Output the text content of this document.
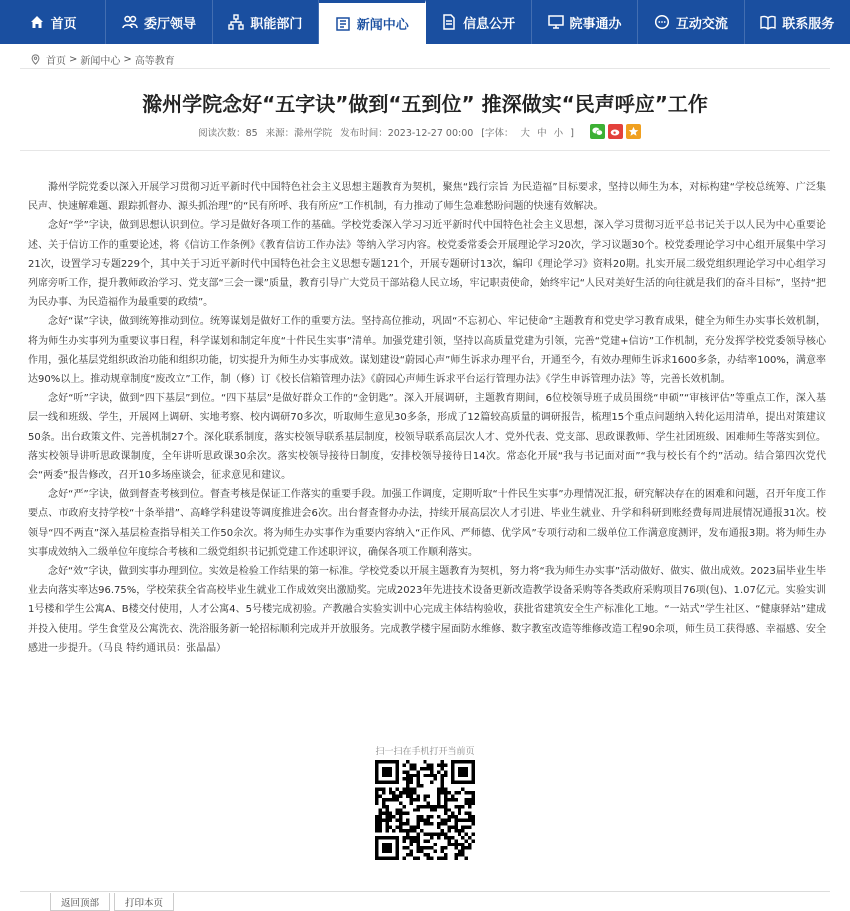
首页	委厅领导	职能部门	新闻中心	信息公开	院事通办	互动交流	联系服务
首页 > 新闻中心 > 高等教育
滁州学院念好“五字诀”做到“五到位” 推深做实“民声呼应”工作
阅读次数：85 来源：滁州学院 发布时间：2023-12-27 00:00 [字体： 大 中 小 ]

滁州学院党委以深入开展学习贯彻习近平新时代中国特色社会主义思想主题教育为契机，聚焦“践行宗旨 为民造福”目标要求，坚持以师生为本，对标构建“学校总统筹、广泛集民声、快速解难题、跟踪抓督办、源头抓治理”的“民有所呼、我有所应”工作机制，有力推动了师生急难愁盼问题的快速有效解决。

念好“学”字诀，做到思想认识到位。学习是做好各项工作的基础。学校党委深入学习习近平新时代中国特色社会主义思想，深入学习贯彻习近平总书记关于以人民为中心重要论述、关于信访工作的重要论述，将《信访工作条例》《教育信访工作办法》等纳入学习内容。校党委常委会开展理论学习20次，学习议题30个。校党委理论学习中心组开展集中学习21次，设置学习专题229个，其中关于习近平新时代中国特色社会主义思想专题121个，开展专题研讨13次，编印《理论学习》资料20期。扎实开展二级党组织理论学习中心组学习列席旁听工作，提升教师政治学习、党支部“三会一课”质量，教育引导广大党员干部站稳人民立场，牢记职责使命，始终牢记“人民对美好生活的向往就是我们的奋斗目标”，坚持“把为民办事、为民造福作为最重要的政绩”。

念好“谋”字诀，做到统筹推动到位。统筹谋划是做好工作的重要方法。坚持高位推动，巩固“不忘初心、牢记使命”主题教育和党史学习教育成果，健全为师生办实事长效机制，将为师生办实事列为重要议事日程，科学谋划和制定年度“十件民生实事”清单。加强党建引领，坚持以高质量党建为引领，完善“党建+信访”工作机制，充分发挥学校党委领导核心作用，强化基层党组织政治功能和组织功能，切实提升为师生办实事成效。谋划建设“蔚园心声”师生诉求办理平台，开通至今，有效办理师生诉求1600多条，办结率100%，满意率达90%以上。推动规章制度“废改立”工作，制（修）订《校长信箱管理办法》《蔚园心声师生诉求平台运行管理办法》《学生申诉管理办法》等，完善长效机制。

念好“听”字诀，做到“四下基层”到位。“四下基层”是做好群众工作的“金钥匙”。深入开展调研，主题教育期间，6位校领导班子成员围绕“申硕”“审核评估”等重点工作，深入基层一线和班级、学生，开展网上调研、实地考察、校内调研70多次，听取师生意见30多条，形成了12篇较高质量的调研报告，梳理15个重点问题纳入转化运用清单，提出对策建议50条。出台政策文件、完善机制27个。深化联系制度，落实校领导联系基层制度，校领导联系高层次人才、党外代表、党支部、思政课教师、学生社团班级、困难师生等落实到位。落实校领导讲听思政课制度，全年讲听思政课30余次。落实校领导接待日制度，安排校领导接待日14次。常态化开展“我与书记面对面”“我与校长有个约”活动。结合第四次党代会“两委”报告修改，召开10多场座谈会，征求意见和建议。

念好“严”字诀，做到督查考核到位。督查考核是保证工作落实的重要手段。加强工作调度，定期听取“十件民生实事”办理情况汇报，研究解决存在的困难和问题，召开年度工作要点、市政府支持学校“十条举措”、高峰学科建设等调度推进会6次。出台督查督办办法，持续开展高层次人才引进、毕业生就业、升学和科研到账经费每周进展情况通报31次。校领导“四不两直”深入基层检查指导相关工作50余次。将为师生办实事作为重要内容纳入“正作风、严师德、优学风”专项行动和二级单位工作满意度测评，发布通报3期。将为师生办实事成效纳入二级单位年度综合考核和二级党组织书记抓党建工作述职评议，确保各项工作顺利落实。

念好“效”字诀，做到实事办理到位。实效是检验工作结果的第一标准。学校党委以开展主题教育为契机，努力将“我为师生办实事”活动做好、做实、做出成效。2023届毕业生毕业去向落实率达96.75%，学校荣获全省高校毕业生就业工作成效突出激励奖。完成2023年先进技术设备更新改造教学设备采购等各类政府采购项目76项(包)、1.07亿元。实验实训1号楼和学生公寓A、B楼交付使用，人才公寓4、5号楼完成初验。产教融合实验实训中心完成主体结构验收，获批省建筑安全生产标准化工地。“一站式”学生社区、“健康驿站”建成并投入使用。学生食堂及公寓洗衣、洗浴服务新一轮招标顺利完成并开放服务。完成教学楼宇屋面防水维修、数字教室改造等维修改造工程90余项，师生员工获得感、幸福感、安全感进一步提升。（马良 特约通讯员：张晶晶）

扫一扫在手机打开当前页
返回顶部	打印本页
